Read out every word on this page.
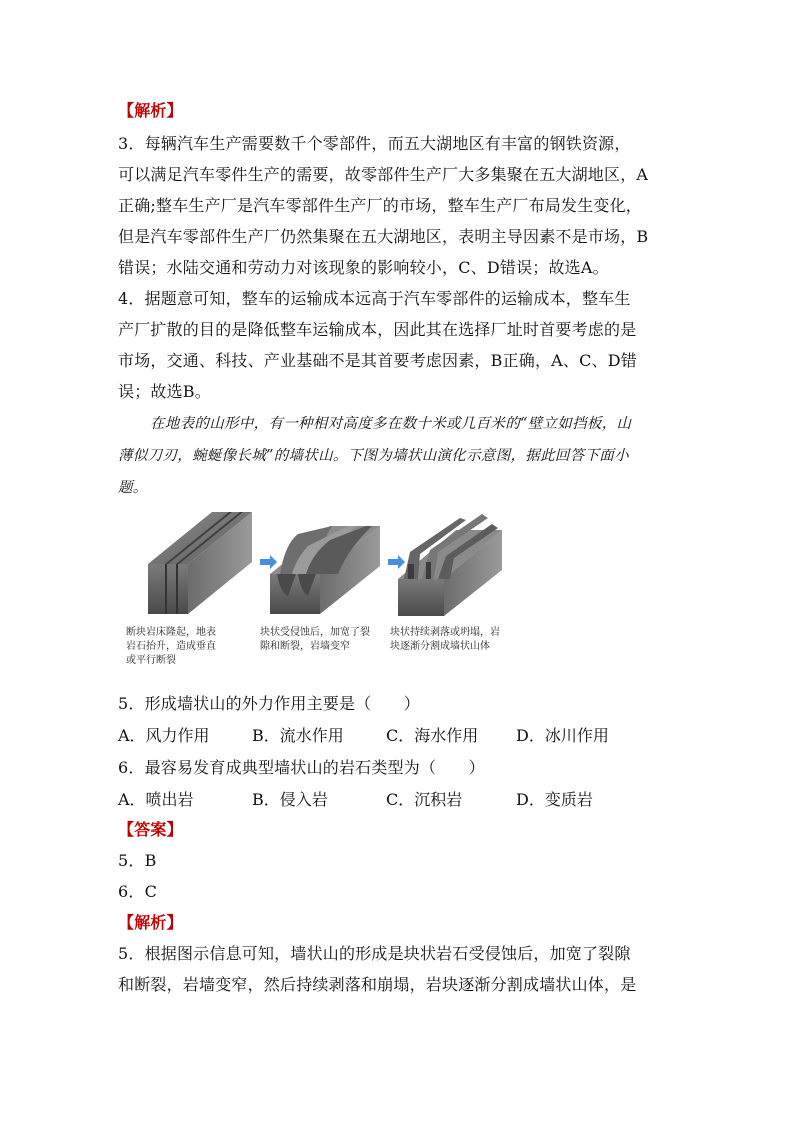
【解析】
3．每辆汽车生产需要数千个零部件，而五大湖地区有丰富的钢铁资源，
可以满足汽车零件生产的需要，故零部件生产厂大多集聚在五大湖地区，A
正确;整车生产厂是汽车零部件生产厂的市场，整车生产厂布局发生变化，
但是汽车零部件生产厂仍然集聚在五大湖地区，表明主导因素不是市场，B
错误；水陆交通和劳动力对该现象的影响较小，C、D错误；故选A。
4．据题意可知，整车的运输成本远高于汽车零部件的运输成本，整车生
产厂扩散的目的是降低整车运输成本，因此其在选择厂址时首要考虑的是
市场，交通、科技、产业基础不是其首要考虑因素，B正确，A、C、D错
误；故选B。
在地表的山形中，有一种相对高度多在数十米或几百米的“壁立如挡板，山
薄似刀刃，蜿蜒像长城”的墙状山。下图为墙状山演化示意图，据此回答下面小
题。
断块岩床隆起，地表
岩石抬升，造成垂直
或平行断裂
块状受侵蚀后，加宽了裂
隙和断裂，岩墙变窄
块状持续剥落或坍塌，岩
块逐渐分割成墙状山体
5．形成墙状山的外力作用主要是（　　）
A．风力作用	B．流水作用	C．海水作用 D．冰川作用
6．最容易发育成典型墙状山的岩石类型为（　　）
A．喷出岩	B．侵入岩	C．沉积岩	D．变质岩
【答案】
5．B
6．C
【解析】
5．根据图示信息可知，墙状山的形成是块状岩石受侵蚀后，加宽了裂隙
和断裂，岩墙变窄，然后持续剥落和崩塌，岩块逐渐分割成墙状山体，是
